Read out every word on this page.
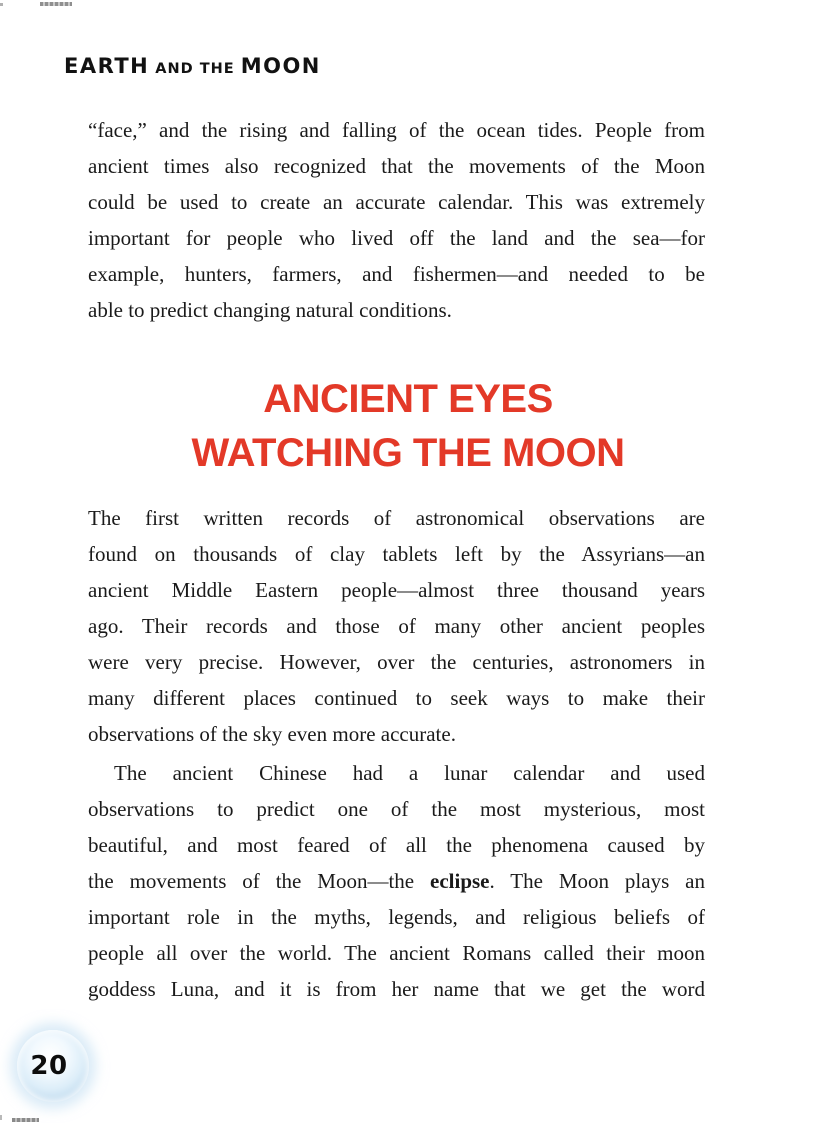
EARTH AND THE MOON
“face,” and the rising and falling of the ocean tides. People from
ancient times also recognized that the movements of the Moon
could be used to create an accurate calendar. This was extremely
important for people who lived off the land and the sea—for
example, hunters, farmers, and fishermen—and needed to be
able to predict changing natural conditions.
ANCIENT EYES
WATCHING THE MOON
The first written records of astronomical observations are
found on thousands of clay tablets left by the Assyrians—an
ancient Middle Eastern people—almost three thousand years
ago. Their records and those of many other ancient peoples
were very precise. However, over the centuries, astronomers in
many different places continued to seek ways to make their
observations of the sky even more accurate.
The ancient Chinese had a lunar calendar and used
observations to predict one of the most mysterious, most
beautiful, and most feared of all the phenomena caused by
the movements of the Moon—the eclipse. The Moon plays an
important role in the myths, legends, and religious beliefs of
people all over the world. The ancient Romans called their moon
goddess Luna, and it is from her name that we get the word
20
